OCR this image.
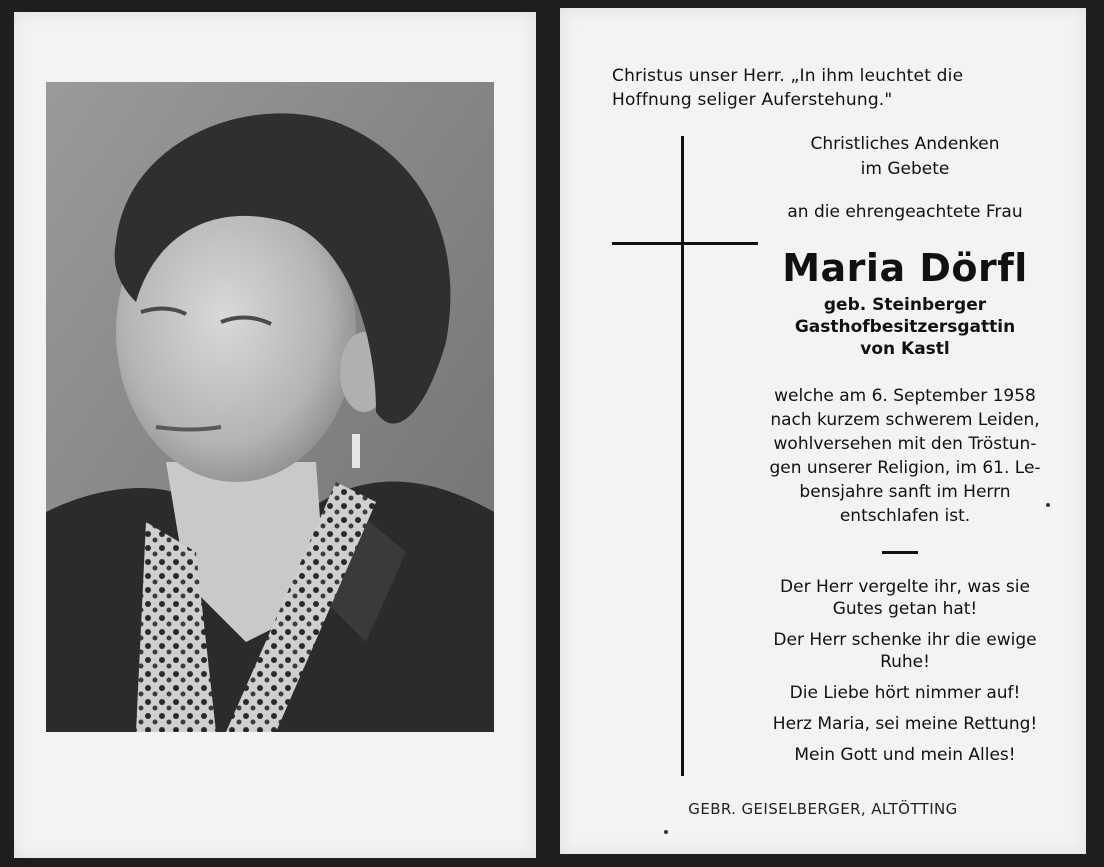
Christus unser Herr. „In ihm leuchtet die
Hoffnung seliger Auferstehung."
Christliches Andenken
im Gebete
an die ehrengeachtete Frau
Maria Dörfl
geb. Steinberger
Gasthofbesitzersgattin
von Kastl
welche am 6. September 1958
nach kurzem schwerem Leiden,
wohlversehen mit den Tröstun-
gen unserer Religion, im 61. Le-
bensjahre sanft im Herrn
entschlafen ist.
Der Herr vergelte ihr, was sie
Gutes getan hat!
Der Herr schenke ihr die ewige
Ruhe!
Die Liebe hört nimmer auf!
Herz Maria, sei meine Rettung!
Mein Gott und mein Alles!
GEBR. GEISELBERGER, ALTÖTTING
